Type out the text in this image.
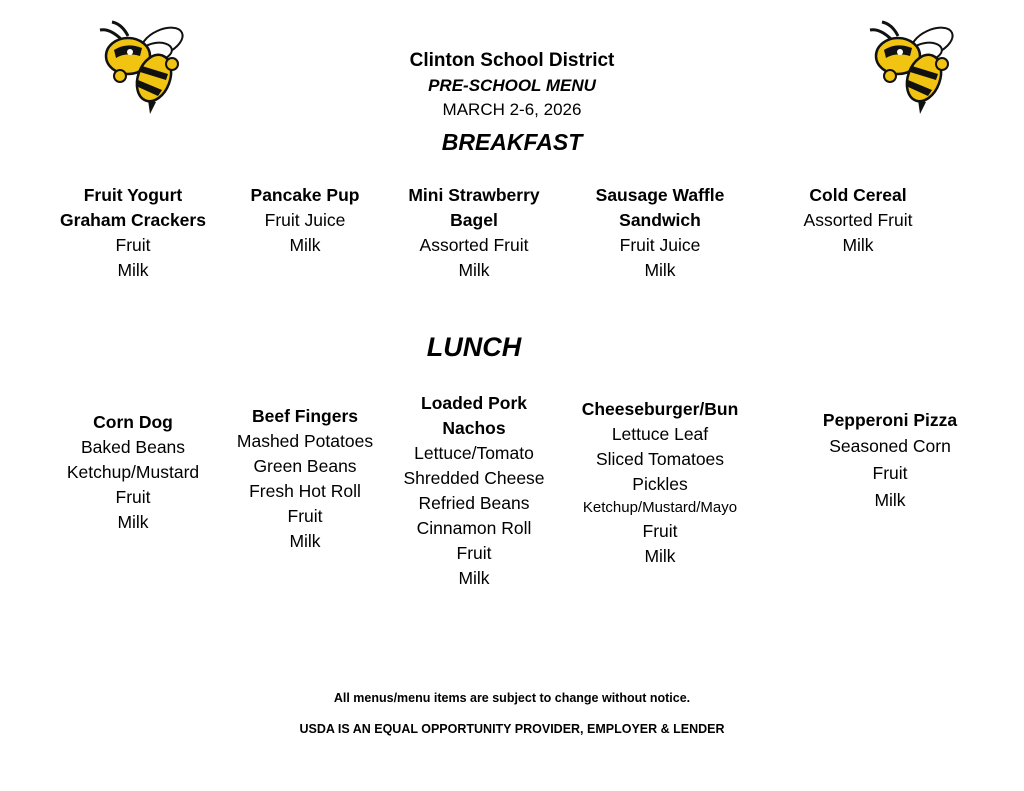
Clinton School District
PRE-SCHOOL MENU
MARCH 2-6, 2026
BREAKFAST
Fruit Yogurt
Graham Crackers
Fruit
Milk
Pancake Pup
Fruit Juice
Milk
Mini Strawberry
Bagel
Assorted Fruit
Milk
Sausage Waffle
Sandwich
Fruit Juice
Milk
Cold Cereal
Assorted Fruit
Milk
LUNCH
Corn Dog
Baked Beans
Ketchup/Mustard
Fruit
Milk
Beef Fingers
Mashed Potatoes
Green Beans
Fresh Hot Roll
Fruit
Milk
Loaded Pork
Nachos
Lettuce/Tomato
Shredded Cheese
Refried Beans
Cinnamon Roll
Fruit
Milk
Cheeseburger/Bun
Lettuce Leaf
Sliced Tomatoes
Pickles
Ketchup/Mustard/Mayo
Fruit
Milk
Pepperoni Pizza
Seasoned Corn
Fruit
Milk
All menus/menu items are subject to change without notice.
USDA IS AN EQUAL OPPORTUNITY PROVIDER, EMPLOYER & LENDER
